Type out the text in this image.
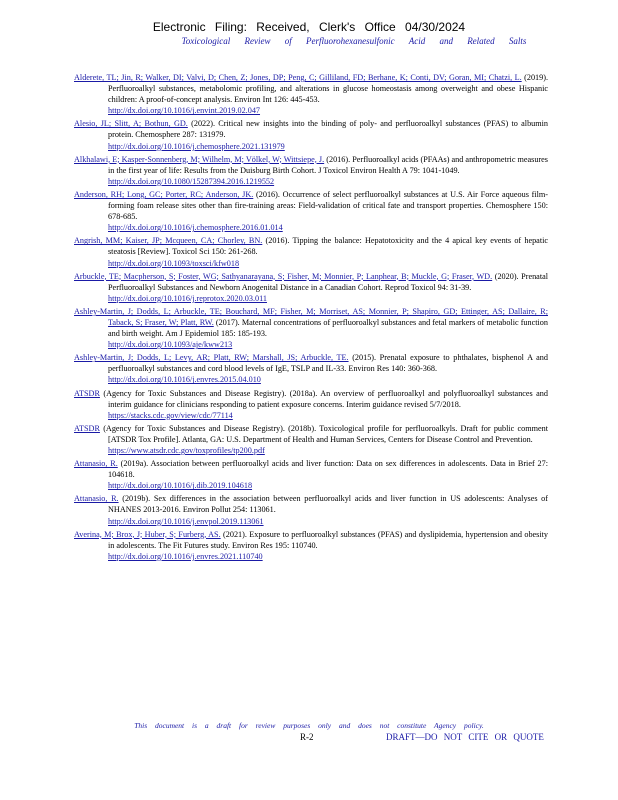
Electronic Filing: Received, Clerk's Office 04/30/2024
Toxicological Review of Perfluorohexanesulfonic Acid and Related Salts
Alderete, TL; Jin, R; Walker, DI; Valvi, D; Chen, Z; Jones, DP; Peng, C; Gilliland, FD; Berhane, K; Conti, DV; Goran, MI; Chatzi, L. (2019). Perfluoroalkyl substances, metabolomic profiling, and alterations in glucose homeostasis among overweight and obese Hispanic children: A proof-of-concept analysis. Environ Int 126: 445-453.
http://dx.doi.org/10.1016/j.envint.2019.02.047
Alesio, JL; Slitt, A; Bothun, GD. (2022). Critical new insights into the binding of poly- and perfluoroalkyl substances (PFAS) to albumin protein. Chemosphere 287: 131979.
http://dx.doi.org/10.1016/j.chemosphere.2021.131979
Alkhalawi, E; Kasper-Sonnenberg, M; Wilhelm, M; Völkel, W; Wittsiepe, J. (2016). Perfluoroalkyl acids (PFAAs) and anthropometric measures in the first year of life: Results from the Duisburg Birth Cohort. J Toxicol Environ Health A 79: 1041-1049.
http://dx.doi.org/10.1080/15287394.2016.1219552
Anderson, RH; Long, GC; Porter, RC; Anderson, JK. (2016). Occurrence of select perfluoroalkyl substances at U.S. Air Force aqueous film-forming foam release sites other than fire-training areas: Field-validation of critical fate and transport properties. Chemosphere 150: 678-685.
http://dx.doi.org/10.1016/j.chemosphere.2016.01.014
Angrish, MM; Kaiser, JP; Mcqueen, CA; Chorley, BN. (2016). Tipping the balance: Hepatotoxicity and the 4 apical key events of hepatic steatosis [Review]. Toxicol Sci 150: 261-268.
http://dx.doi.org/10.1093/toxsci/kfw018
Arbuckle, TE; Macpherson, S; Foster, WG; Sathyanarayana, S; Fisher, M; Monnier, P; Lanphear, B; Muckle, G; Fraser, WD. (2020). Prenatal Perfluoroalkyl Substances and Newborn Anogenital Distance in a Canadian Cohort. Reprod Toxicol 94: 31-39.
http://dx.doi.org/10.1016/j.reprotox.2020.03.011
Ashley-Martin, J; Dodds, L; Arbuckle, TE; Bouchard, MF; Fisher, M; Morriset, AS; Monnier, P; Shapiro, GD; Ettinger, AS; Dallaire, R; Taback, S; Fraser, W; Platt, RW. (2017). Maternal concentrations of perfluoroalkyl substances and fetal markers of metabolic function and birth weight. Am J Epidemiol 185: 185-193.
http://dx.doi.org/10.1093/aje/kww213
Ashley-Martin, J; Dodds, L; Levy, AR; Platt, RW; Marshall, JS; Arbuckle, TE. (2015). Prenatal exposure to phthalates, bisphenol A and perfluoroalkyl substances and cord blood levels of IgE, TSLP and IL-33. Environ Res 140: 360-368.
http://dx.doi.org/10.1016/j.envres.2015.04.010
ATSDR (Agency for Toxic Substances and Disease Registry). (2018a). An overview of perfluoroalkyl and polyfluoroalkyl substances and interim guidance for clinicians responding to patient exposure concerns. Interim guidance revised 5/7/2018.
https://stacks.cdc.gov/view/cdc/77114
ATSDR (Agency for Toxic Substances and Disease Registry). (2018b). Toxicological profile for perfluoroalkyls. Draft for public comment [ATSDR Tox Profile]. Atlanta, GA: U.S. Department of Health and Human Services, Centers for Disease Control and Prevention.
https://www.atsdr.cdc.gov/toxprofiles/tp200.pdf
Attanasio, R. (2019a). Association between perfluoroalkyl acids and liver function: Data on sex differences in adolescents. Data in Brief 27: 104618.
http://dx.doi.org/10.1016/j.dib.2019.104618
Attanasio, R. (2019b). Sex differences in the association between perfluoroalkyl acids and liver function in US adolescents: Analyses of NHANES 2013-2016. Environ Pollut 254: 113061.
http://dx.doi.org/10.1016/j.envpol.2019.113061
Averina, M; Brox, J; Huber, S; Furberg, AS. (2021). Exposure to perfluoroalkyl substances (PFAS) and dyslipidemia, hypertension and obesity in adolescents. The Fit Futures study. Environ Res 195: 110740.
http://dx.doi.org/10.1016/j.envres.2021.110740
This document is a draft for review purposes only and does not constitute Agency policy.
R-2	DRAFT—DO NOT CITE OR QUOTE
